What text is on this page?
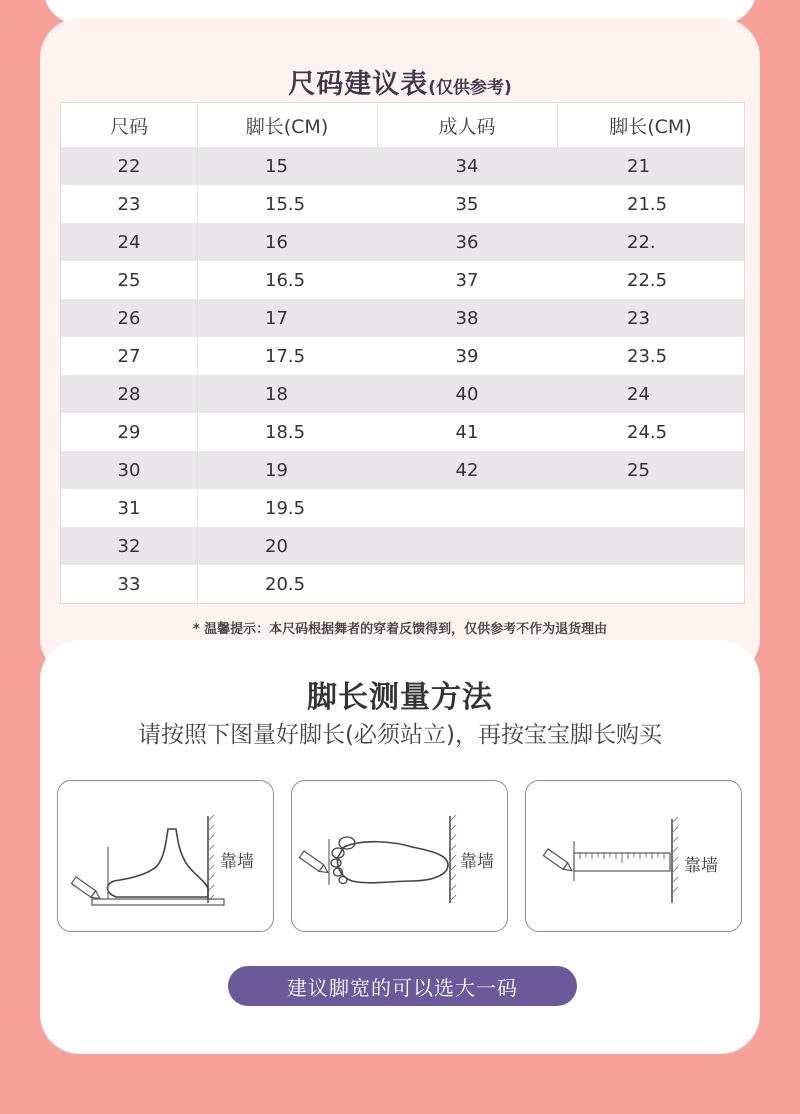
尺码建议表(仅供参考)
尺码	脚长(CM)	成人码	脚长(CM)
22	15	34	21
23	15.5	35	21.5
24	16	36	22.
25	16.5	37	22.5
26	17	38	23
27	17.5	39	23.5
28	18	40	24
29	18.5	41	24.5
30	19	42	25
31	19.5
32	20
33	20.5
* 温馨提示：本尺码根据舞者的穿着反馈得到，仅供参考不作为退货理由
脚长测量方法
请按照下图量好脚长(必须站立)，再按宝宝脚长购买
靠墙	靠墙	靠墙
建议脚宽的可以选大一码
